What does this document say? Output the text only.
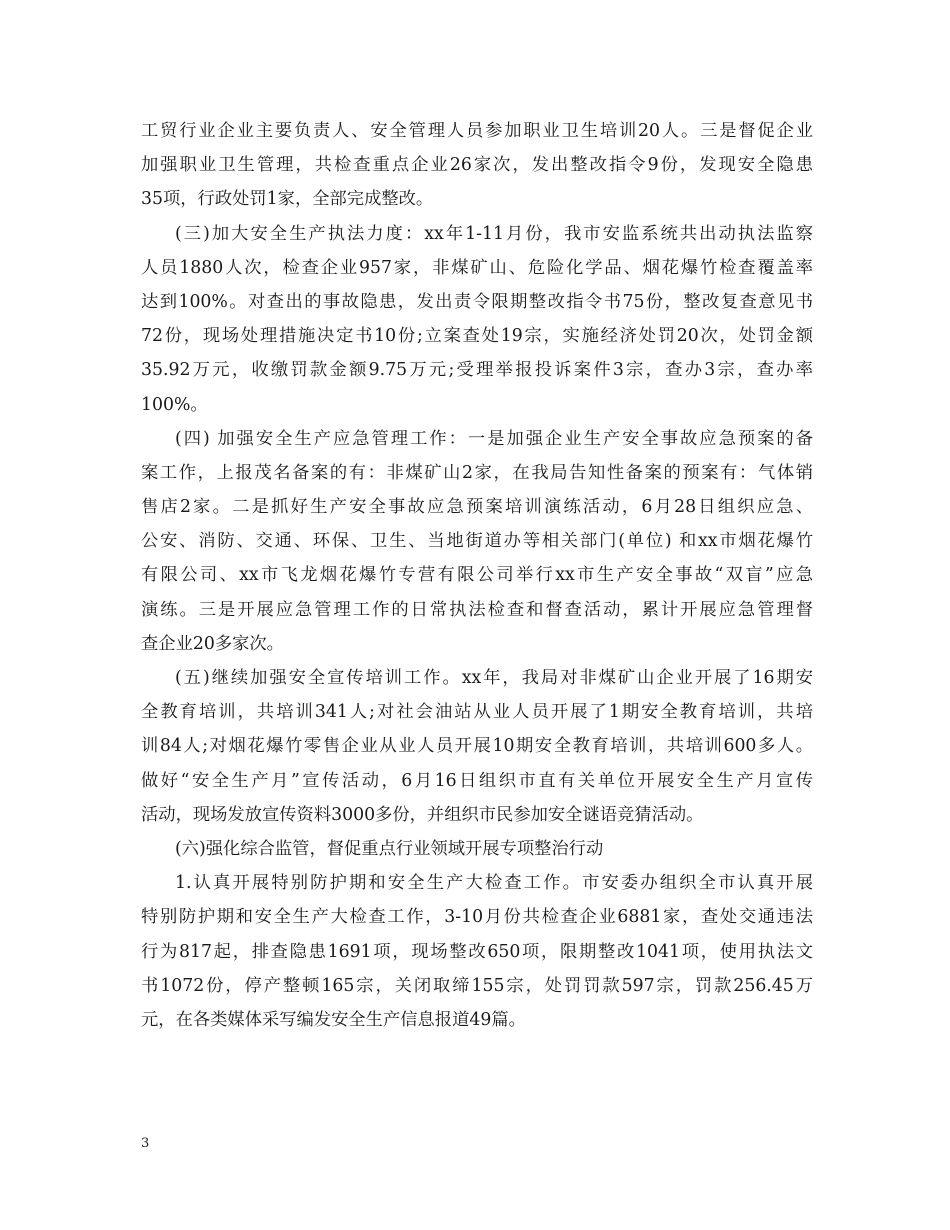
工贸行业企业主要负责人、安全管理人员参加职业卫生培训20人。三是督促企业
加强职业卫生管理，共检查重点企业26家次，发出整改指令9份，发现安全隐患
35项，行政处罚1家，全部完成整改。
(三)加大安全生产执法力度：xx年1-11月份，我市安监系统共出动执法监察
人员1880人次，检查企业957家，非煤矿山、危险化学品、烟花爆竹检查覆盖率
达到100%。对查出的事故隐患，发出责令限期整改指令书75份，整改复查意见书
72份，现场处理措施决定书10份;立案查处19宗，实施经济处罚20次，处罚金额
35.92万元，收缴罚款金额9.75万元;受理举报投诉案件3宗，查办3宗，查办率
100%。
(四) 加强安全生产应急管理工作：一是加强企业生产安全事故应急预案的备
案工作，上报茂名备案的有：非煤矿山2家，在我局告知性备案的预案有：气体销
售店2家。二是抓好生产安全事故应急预案培训演练活动，6月28日组织应急、
公安、消防、交通、环保、卫生、当地街道办等相关部门(单位) 和xx市烟花爆竹
有限公司、xx市飞龙烟花爆竹专营有限公司举行xx市生产安全事故“双盲”应急
演练。三是开展应急管理工作的日常执法检查和督查活动，累计开展应急管理督
查企业20多家次。
(五)继续加强安全宣传培训工作。xx年，我局对非煤矿山企业开展了16期安
全教育培训，共培训341人;对社会油站从业人员开展了1期安全教育培训，共培
训84人;对烟花爆竹零售企业从业人员开展10期安全教育培训，共培训600多人。
做好“安全生产月”宣传活动，6月16日组织市直有关单位开展安全生产月宣传
活动，现场发放宣传资料3000多份，并组织市民参加安全谜语竞猜活动。
(六)强化综合监管，督促重点行业领域开展专项整治行动
1.认真开展特别防护期和安全生产大检查工作。市安委办组织全市认真开展
特别防护期和安全生产大检查工作，3-10月份共检查企业6881家，查处交通违法
行为817起，排查隐患1691项，现场整改650项，限期整改1041项，使用执法文
书1072份，停产整顿165宗，关闭取缔155宗，处罚罚款597宗，罚款256.45万
元，在各类媒体采写编发安全生产信息报道49篇。
3
